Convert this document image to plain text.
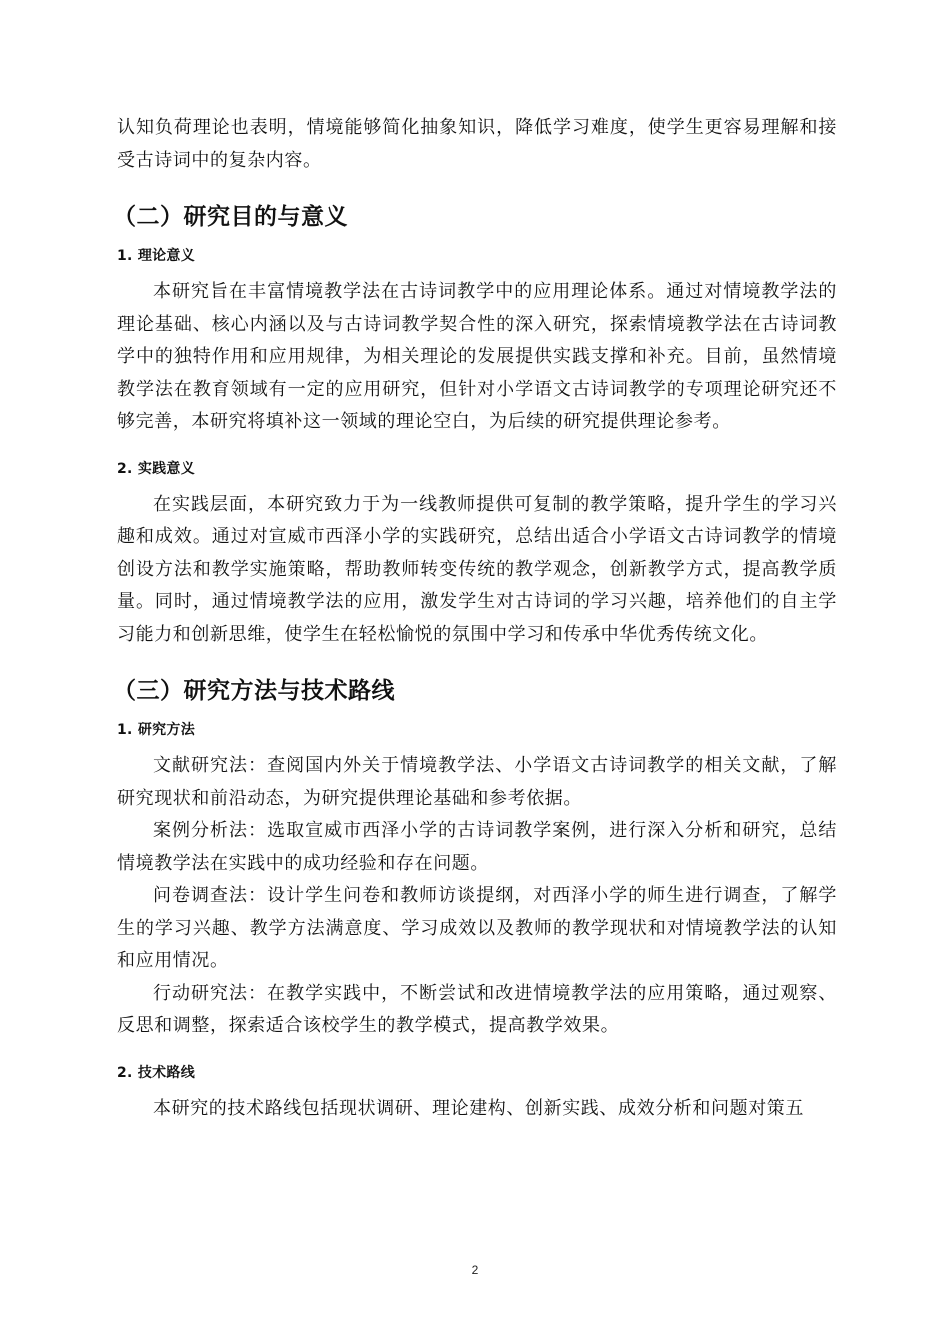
认知负荷理论也表明，情境能够简化抽象知识，降低学习难度，使学生更容易理解和接受古诗词中的复杂内容。

（二）研究目的与意义
1. 理论意义

本研究旨在丰富情境教学法在古诗词教学中的应用理论体系。通过对情境教学法的理论基础、核心内涵以及与古诗词教学契合性的深入研究，探索情境教学法在古诗词教学中的独特作用和应用规律，为相关理论的发展提供实践支撑和补充。目前，虽然情境教学法在教育领域有一定的应用研究，但针对小学语文古诗词教学的专项理论研究还不够完善，本研究将填补这一领域的理论空白，为后续的研究提供理论参考。

2. 实践意义

在实践层面，本研究致力于为一线教师提供可复制的教学策略，提升学生的学习兴趣和成效。通过对宣威市西泽小学的实践研究，总结出适合小学语文古诗词教学的情境创设方法和教学实施策略，帮助教师转变传统的教学观念，创新教学方式，提高教学质量。同时，通过情境教学法的应用，激发学生对古诗词的学习兴趣，培养他们的自主学习能力和创新思维，使学生在轻松愉悦的氛围中学习和传承中华优秀传统文化。

（三）研究方法与技术路线
1. 研究方法

文献研究法：查阅国内外关于情境教学法、小学语文古诗词教学的相关文献，了解研究现状和前沿动态，为研究提供理论基础和参考依据。

案例分析法：选取宣威市西泽小学的古诗词教学案例，进行深入分析和研究，总结情境教学法在实践中的成功经验和存在问题。

问卷调查法：设计学生问卷和教师访谈提纲，对西泽小学的师生进行调查，了解学生的学习兴趣、教学方法满意度、学习成效以及教师的教学现状和对情境教学法的认知和应用情况。

行动研究法：在教学实践中，不断尝试和改进情境教学法的应用策略，通过观察、反思和调整，探索适合该校学生的教学模式，提高教学效果。

2. 技术路线

本研究的技术路线包括现状调研、理论建构、创新实践、成效分析和问题对策五

2
